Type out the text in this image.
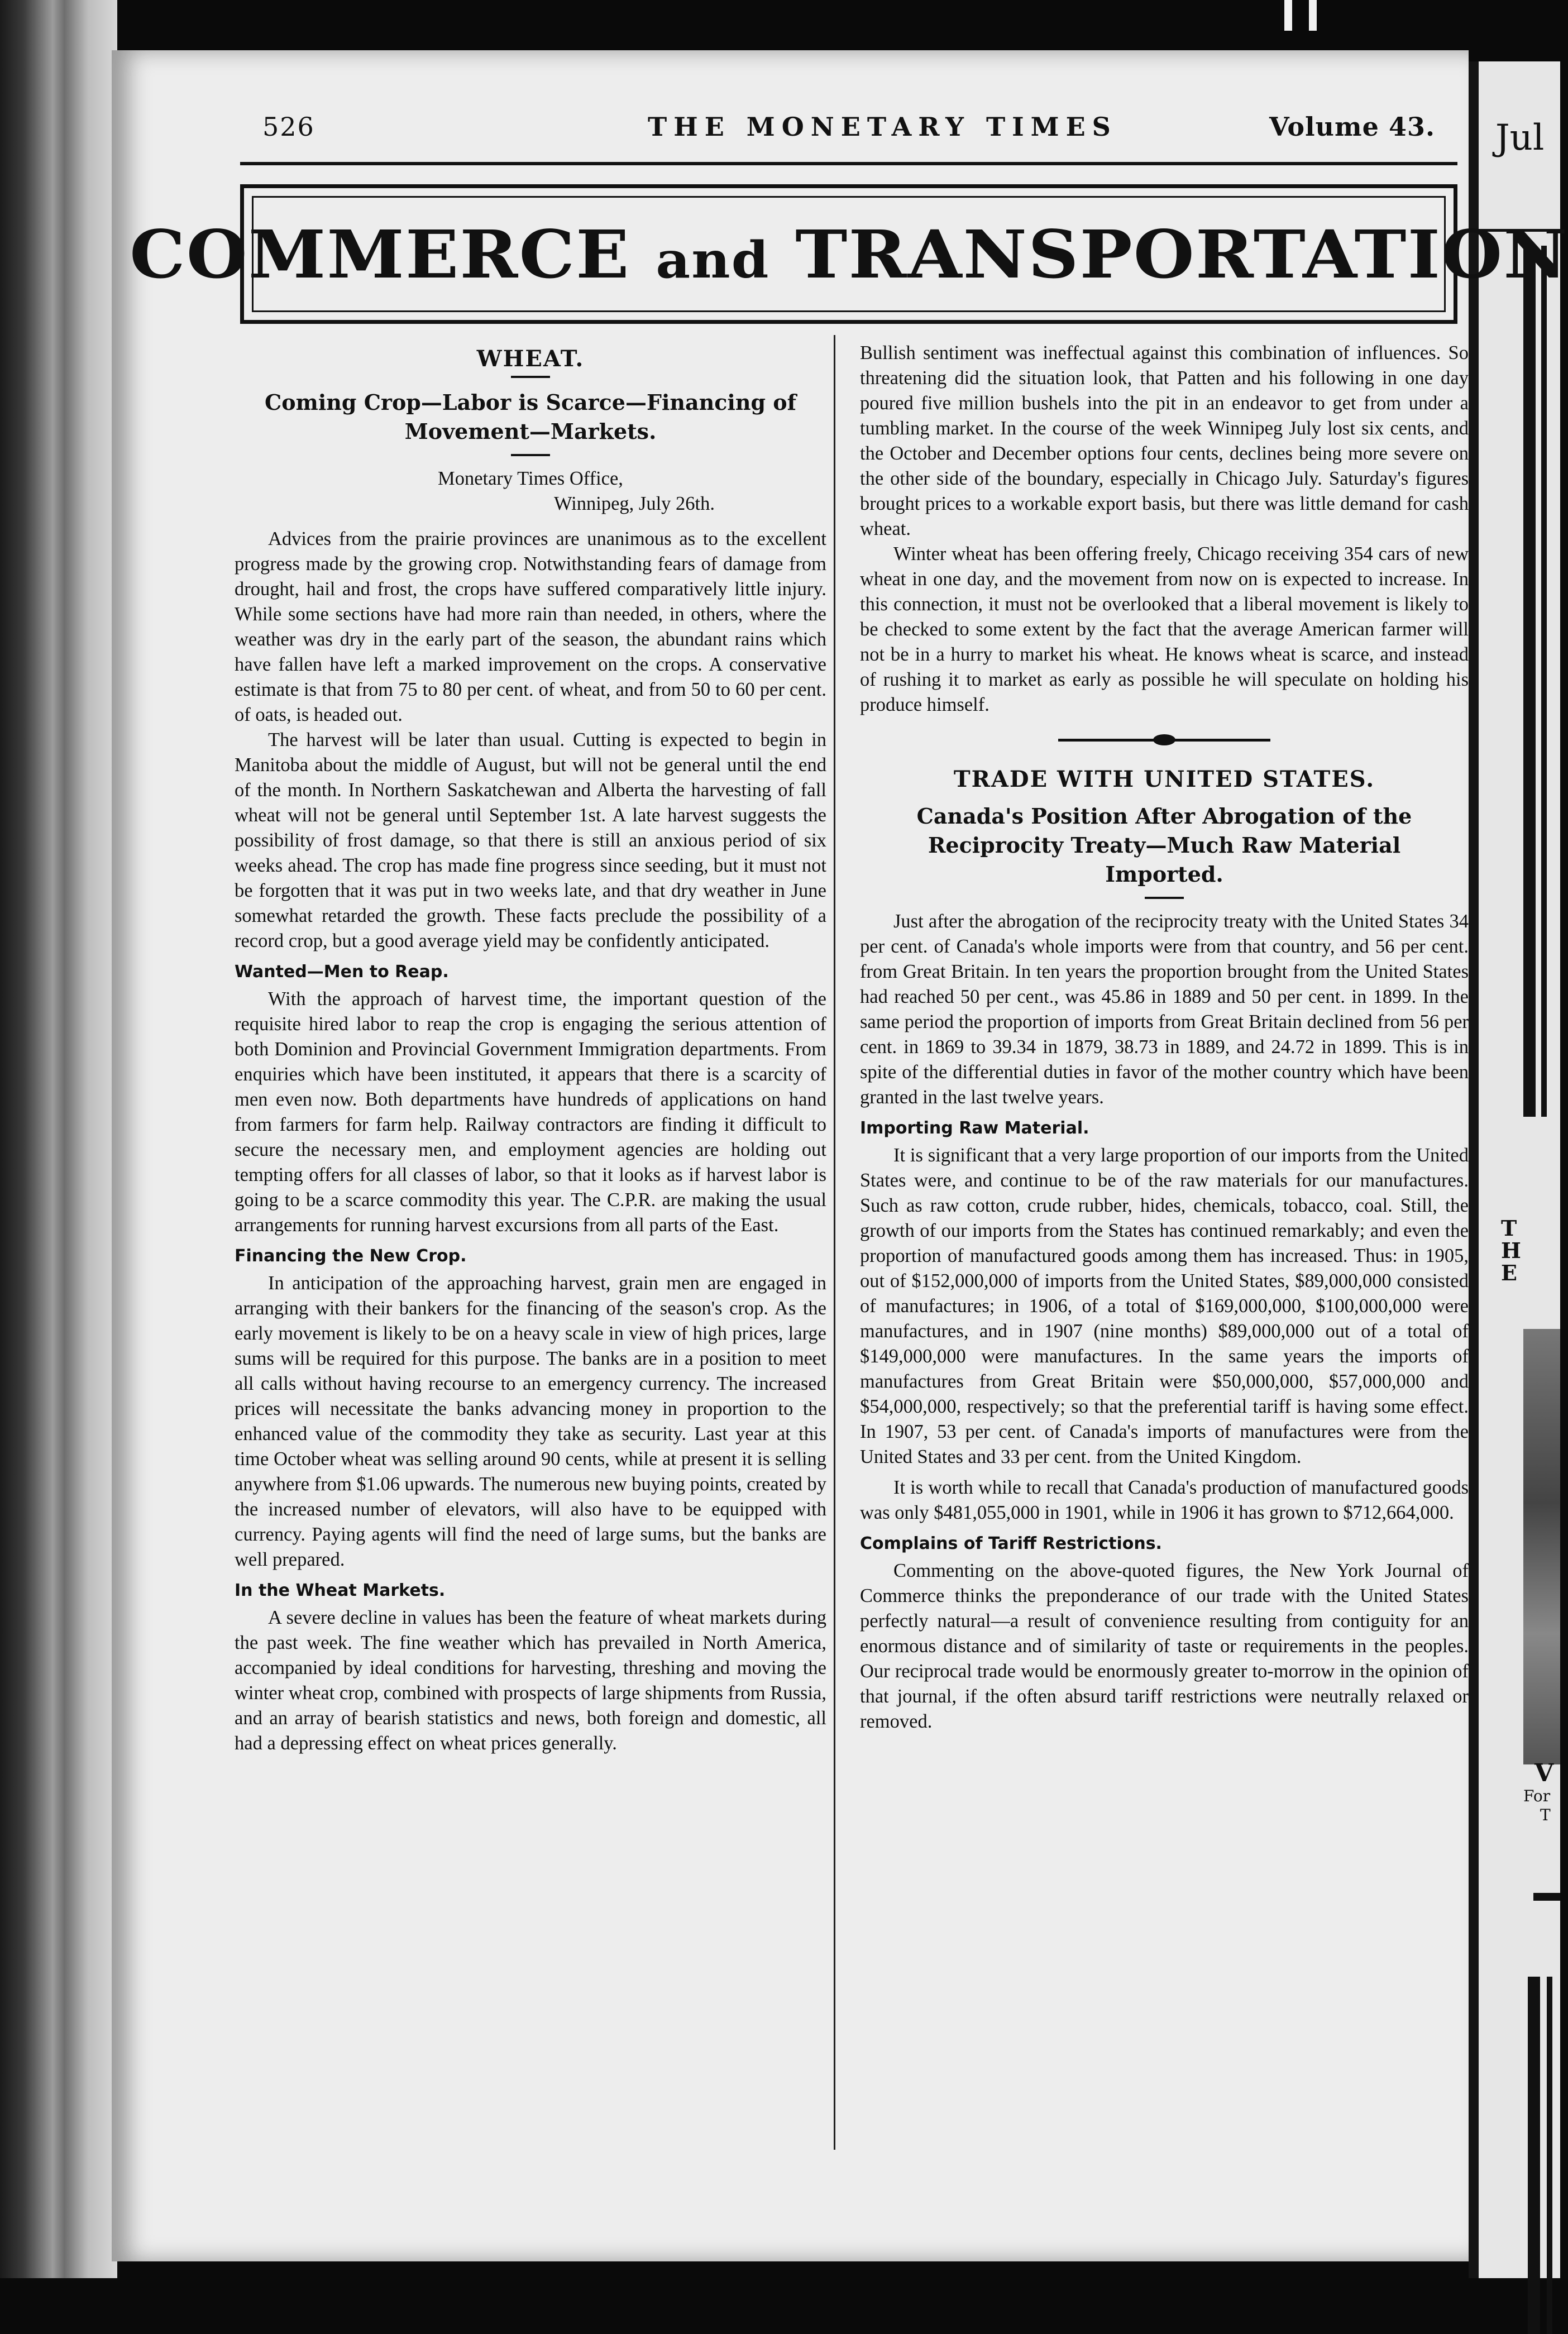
Jul
T
H
E
V
For
T
526	THE MONETARY TIMES	Volume 43.
COMMERCE and TRANSPORTATION
WHEAT.
Coming Crop—Labor is Scarce—Financing of Movement—Markets.
Monetary Times Office,
Winnipeg, July 26th.

Advices from the prairie provinces are unanimous as to the excellent progress made by the growing crop. Notwithstanding fears of damage from drought, hail and frost, the crops have suffered comparatively little injury. While some sections have had more rain than needed, in others, where the weather was dry in the early part of the season, the abundant rains which have fallen have left a marked improvement on the crops. A conservative estimate is that from 75 to 80 per cent. of wheat, and from 50 to 60 per cent. of oats, is headed out.

The harvest will be later than usual. Cutting is expected to begin in Manitoba about the middle of August, but will not be general until the end of the month. In Northern Saskatchewan and Alberta the harvesting of fall wheat will not be general until September 1st. A late harvest suggests the possibility of frost damage, so that there is still an anxious period of six weeks ahead. The crop has made fine progress since seeding, but it must not be forgotten that it was put in two weeks late, and that dry weather in June somewhat retarded the growth. These facts preclude the possibility of a record crop, but a good average yield may be confidently anticipated.

Wanted—Men to Reap.

With the approach of harvest time, the important question of the requisite hired labor to reap the crop is engaging the serious attention of both Dominion and Provincial Government Immigration departments. From enquiries which have been instituted, it appears that there is a scarcity of men even now. Both departments have hundreds of applications on hand from farmers for farm help. Railway contractors are finding it difficult to secure the necessary men, and employment agencies are holding out tempting offers for all classes of labor, so that it looks as if harvest labor is going to be a scarce commodity this year. The C.P.R. are making the usual arrangements for running harvest excursions from all parts of the East.

Financing the New Crop.

In anticipation of the approaching harvest, grain men are engaged in arranging with their bankers for the financing of the season's crop. As the early movement is likely to be on a heavy scale in view of high prices, large sums will be required for this purpose. The banks are in a position to meet all calls without having recourse to an emergency currency. The increased prices will necessitate the banks advancing money in proportion to the enhanced value of the commodity they take as security. Last year at this time October wheat was selling around 90 cents, while at present it is selling anywhere from $1.06 upwards. The numerous new buying points, created by the increased number of elevators, will also have to be equipped with currency. Paying agents will find the need of large sums, but the banks are well prepared.

In the Wheat Markets.

A severe decline in values has been the feature of wheat markets during the past week. The fine weather which has prevailed in North America, accompanied by ideal conditions for harvesting, threshing and moving the winter wheat crop, combined with prospects of large shipments from Russia, and an array of bearish statistics and news, both foreign and domestic, all had a depressing effect on wheat prices generally.

Bullish sentiment was ineffectual against this combination of influences. So threatening did the situation look, that Patten and his following in one day poured five million bushels into the pit in an endeavor to get from under a tumbling market. In the course of the week Winnipeg July lost six cents, and the October and December options four cents, declines being more severe on the other side of the boundary, especially in Chicago July. Saturday's figures brought prices to a workable export basis, but there was little demand for cash wheat.

Winter wheat has been offering freely, Chicago receiving 354 cars of new wheat in one day, and the movement from now on is expected to increase. In this connection, it must not be overlooked that a liberal movement is likely to be checked to some extent by the fact that the average American farmer will not be in a hurry to market his wheat. He knows wheat is scarce, and instead of rushing it to market as early as possible he will speculate on holding his produce himself.

TRADE WITH UNITED STATES.
Canada's Position After Abrogation of the Reciprocity Treaty—Much Raw Material Imported.

Just after the abrogation of the reciprocity treaty with the United States 34 per cent. of Canada's whole imports were from that country, and 56 per cent. from Great Britain. In ten years the proportion brought from the United States had reached 50 per cent., was 45.86 in 1889 and 50 per cent. in 1899. In the same period the proportion of imports from Great Britain declined from 56 per cent. in 1869 to 39.34 in 1879, 38.73 in 1889, and 24.72 in 1899. This is in spite of the differential duties in favor of the mother country which have been granted in the last twelve years.

Importing Raw Material.

It is significant that a very large proportion of our imports from the United States were, and continue to be of the raw materials for our manufactures. Such as raw cotton, crude rubber, hides, chemicals, tobacco, coal. Still, the growth of our imports from the States has continued remarkably; and even the proportion of manufactured goods among them has increased. Thus: in 1905, out of $152,000,000 of imports from the United States, $89,000,000 consisted of manufactures; in 1906, of a total of $169,000,000, $100,000,000 were manufactures, and in 1907 (nine months) $89,000,000 out of a total of $149,000,000 were manufactures. In the same years the imports of manufactures from Great Britain were $50,000,000, $57,000,000 and $54,000,000, respectively; so that the preferential tariff is having some effect. In 1907, 53 per cent. of Canada's imports of manufactures were from the United States and 33 per cent. from the United Kingdom.

It is worth while to recall that Canada's production of manufactured goods was only $481,055,000 in 1901, while in 1906 it has grown to $712,664,000.

Complains of Tariff Restrictions.

Commenting on the above-quoted figures, the New York Journal of Commerce thinks the preponderance of our trade with the United States perfectly natural—a result of convenience resulting from contiguity for an enormous distance and of similarity of taste or requirements in the peoples. Our reciprocal trade would be enormously greater to-morrow in the opinion of that journal, if the often absurd tariff restrictions were neutrally relaxed or removed.
